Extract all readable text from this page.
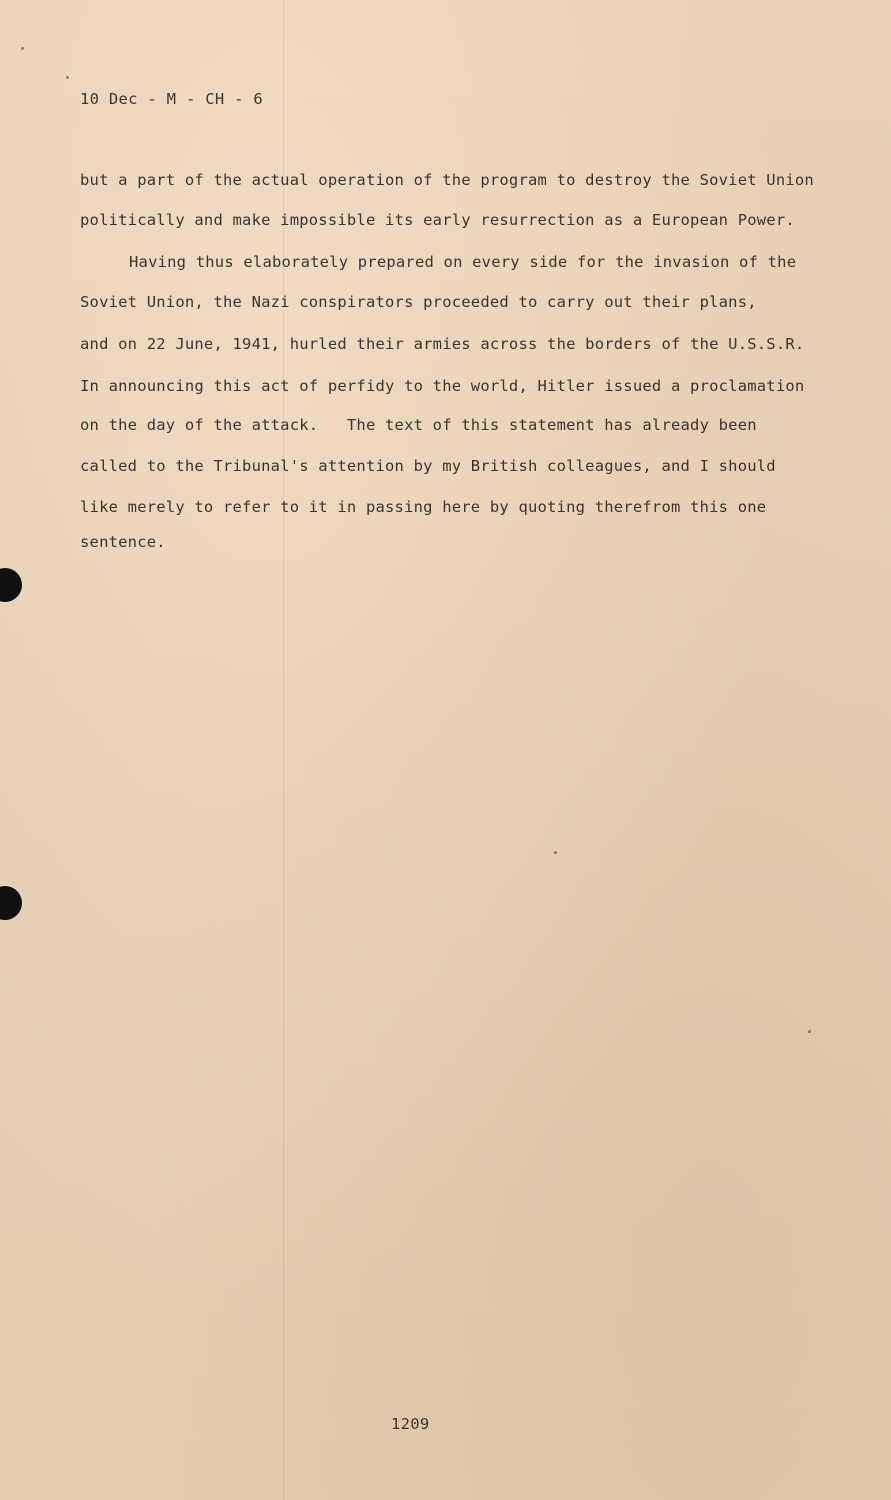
10 Dec - M - CH - 6
but a part of the actual operation of the program to destroy the Soviet Union
politically and make impossible its early resurrection as a European Power.
Having thus elaborately prepared on every side for the invasion of the
Soviet Union, the Nazi conspirators proceeded to carry out their plans,
and on 22 June, 1941, hurled their armies across the borders of the U.S.S.R.
In announcing this act of perfidy to the world, Hitler issued a proclamation
on the day of the attack.   The text of this statement has already been
called to the Tribunal's attention by my British colleagues, and I should
like merely to refer to it in passing here by quoting therefrom this one
sentence.
1209
